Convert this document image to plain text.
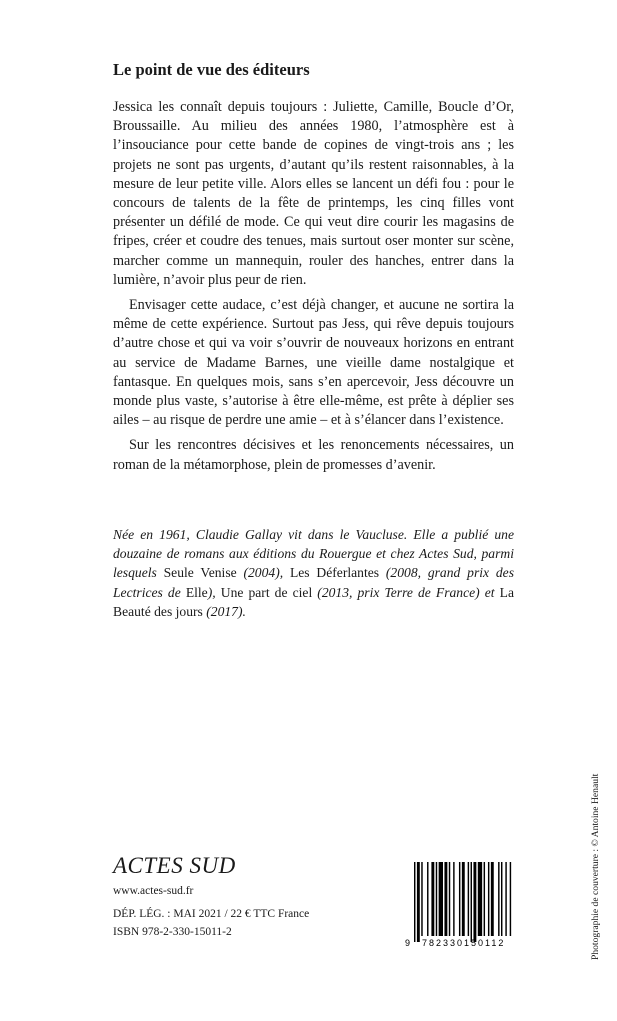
Le point de vue des éditeurs

Jessica les connaît depuis toujours : Juliette, Camille, Boucle d’Or, Broussaille. Au milieu des années 1980, l’atmosphère est à l’insouciance pour cette bande de copines de vingt-trois ans ; les projets ne sont pas urgents, d’autant qu’ils restent raisonnables, à la mesure de leur petite ville. Alors elles se lancent un défi fou : pour le concours de talents de la fête de printemps, les cinq filles vont présenter un défilé de mode. Ce qui veut dire courir les magasins de fripes, créer et coudre des tenues, mais surtout oser monter sur scène, marcher comme un mannequin, rouler des hanches, entrer dans la lumière, n’avoir plus peur de rien.

Envisager cette audace, c’est déjà changer, et aucune ne sortira la même de cette expérience. Surtout pas Jess, qui rêve depuis toujours d’autre chose et qui va voir s’ouvrir de nouveaux horizons en entrant au service de Madame Barnes, une vieille dame nostalgique et fantasque. En quelques mois, sans s’en apercevoir, Jess découvre un monde plus vaste, s’autorise à être elle-même, est prête à déplier ses ailes – au risque de perdre une amie – et à s’élancer dans l’existence.

Sur les rencontres décisives et les renoncements nécessaires, un roman de la métamorphose, plein de promesses d’avenir.

Née en 1961, Claudie Gallay vit dans le Vaucluse. Elle a publié une douzaine de romans aux éditions du Rouergue et chez Actes Sud, parmi lesquels Seule Venise (2004), Les Déferlantes (2008, grand prix des Lectrices de Elle), Une part de ciel (2013, prix Terre de France) et La Beauté des jours (2017).
ACTES SUD
www.actes-sud.fr
DÉP. LÉG. : MAI 2021 / 22 € TTC France
ISBN 978-2-330-15011-2
9 782330 150112	Photographie de couverture : © Antoine Henault
